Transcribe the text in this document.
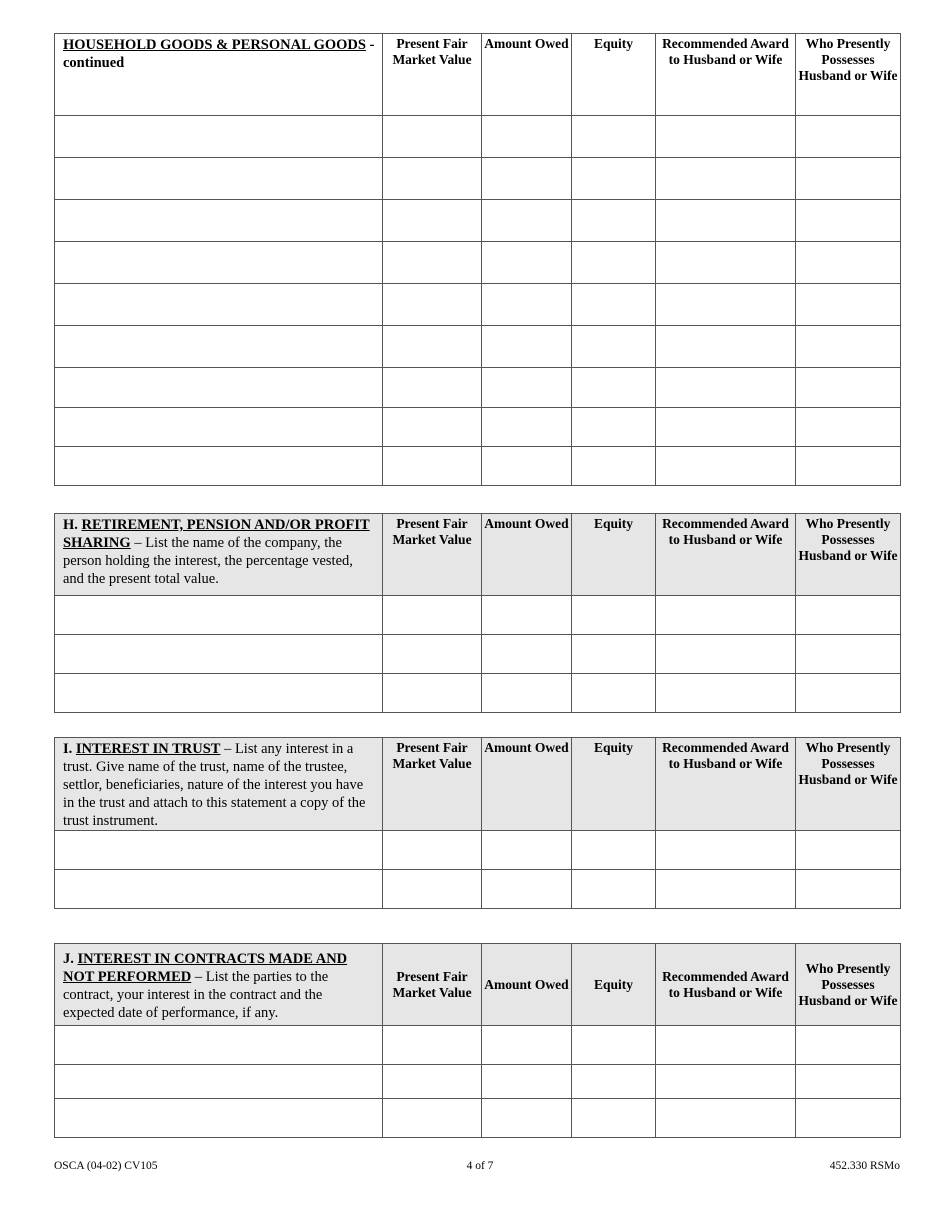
HOUSEHOLD GOODS & PERSONAL GOODS - continued	Present Fair Market Value	Amount Owed	Equity	Recommended Award to Husband or Wife	Who Presently Possesses Husband or Wife

H. RETIREMENT, PENSION AND/OR PROFIT SHARING – List the name of the company, the person holding the interest, the percentage vested, and the present total value.	Present Fair Market Value	Amount Owed	Equity	Recommended Award to Husband or Wife	Who Presently Possesses Husband or Wife

I. INTEREST IN TRUST – List any interest in a trust. Give name of the trust, name of the trustee, settlor, beneficiaries, nature of the interest you have in the trust and attach to this statement a copy of the trust instrument.	Present Fair Market Value	Amount Owed	Equity	Recommended Award to Husband or Wife	Who Presently Possesses Husband or Wife

J. INTEREST IN CONTRACTS MADE AND NOT PERFORMED – List the parties to the contract, your interest in the contract and the expected date of performance, if any.	Present Fair Market Value	Amount Owed	Equity	Recommended Award to Husband or Wife	Who Presently Possesses Husband or Wife

OSCA (04-02) CV105	4 of 7	452.330 RSMo
